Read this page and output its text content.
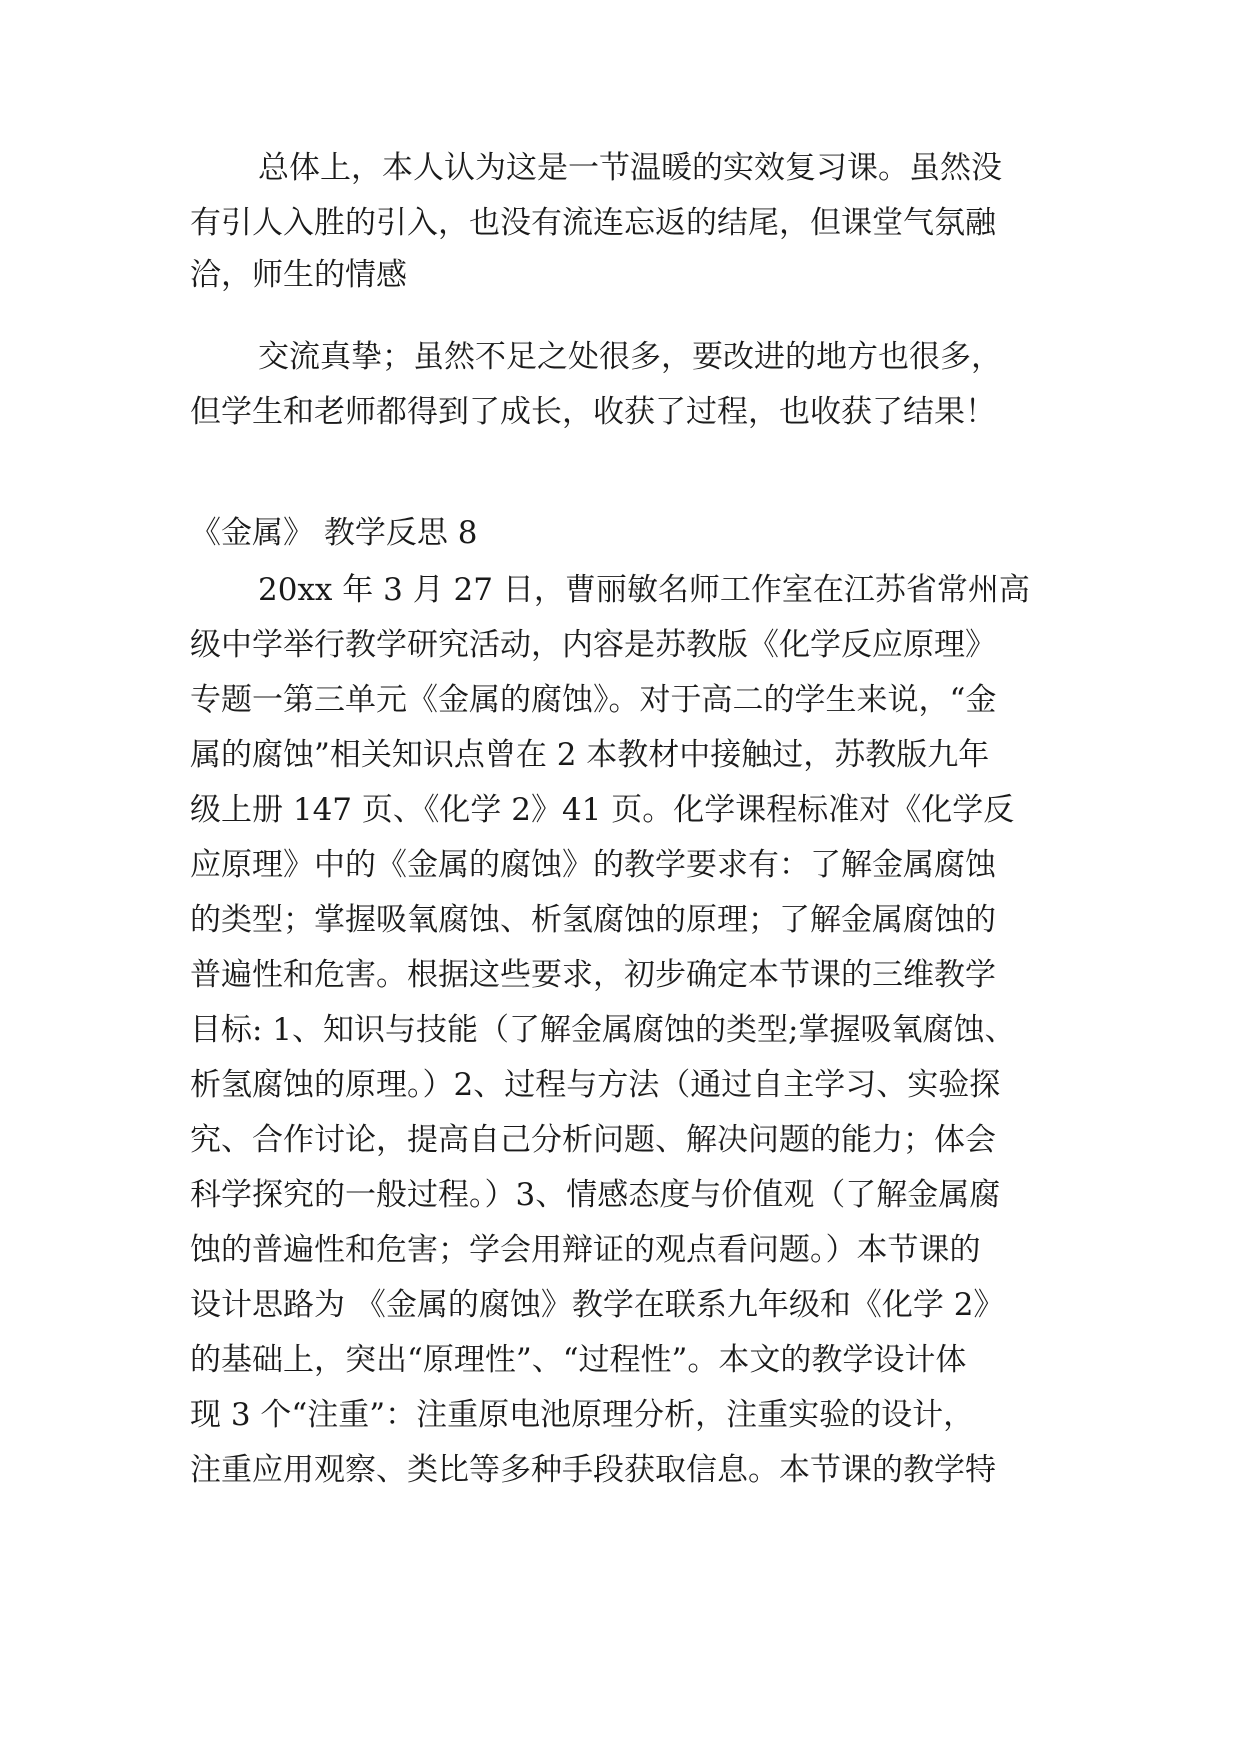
总体上，本人认为这是一节温暖的实效复习课。虽然没

有引人入胜的引入，也没有流连忘返的结尾，但课堂气氛融

洽，师生的情感

交流真挚；虽然不足之处很多，要改进的地方也很多，

但学生和老师都得到了成长，收获了过程，也收获了结果！

《金属》 教学反思 8

20xx 年 3 月 27 日，曹丽敏名师工作室在江苏省常州高

级中学举行教学研究活动，内容是苏教版《化学反应原理》

专题一第三单元《金属的腐蚀》。对于高二的学生来说，“金

属的腐蚀”相关知识点曾在 2 本教材中接触过，苏教版九年

级上册 147 页、《化学 2》41 页。化学课程标准对《化学反

应原理》中的《金属的腐蚀》的教学要求有：了解金属腐蚀

的类型；掌握吸氧腐蚀、析氢腐蚀的原理；了解金属腐蚀的

普遍性和危害。根据这些要求，初步确定本节课的三维教学

目标: 1、知识与技能（了解金属腐蚀的类型;掌握吸氧腐蚀、

析氢腐蚀的原理。）2、过程与方法（通过自主学习、实验探

究、合作讨论，提高自己分析问题、解决问题的能力；体会

科学探究的一般过程。）3、情感态度与价值观（了解金属腐

蚀的普遍性和危害；学会用辩证的观点看问题。）本节课的

设计思路为 《金属的腐蚀》教学在联系九年级和《化学 2》

的基础上，突出“原理性”、“过程性”。本文的教学设计体

现 3 个“注重”：注重原电池原理分析，注重实验的设计，

注重应用观察、类比等多种手段获取信息。本节课的教学特
